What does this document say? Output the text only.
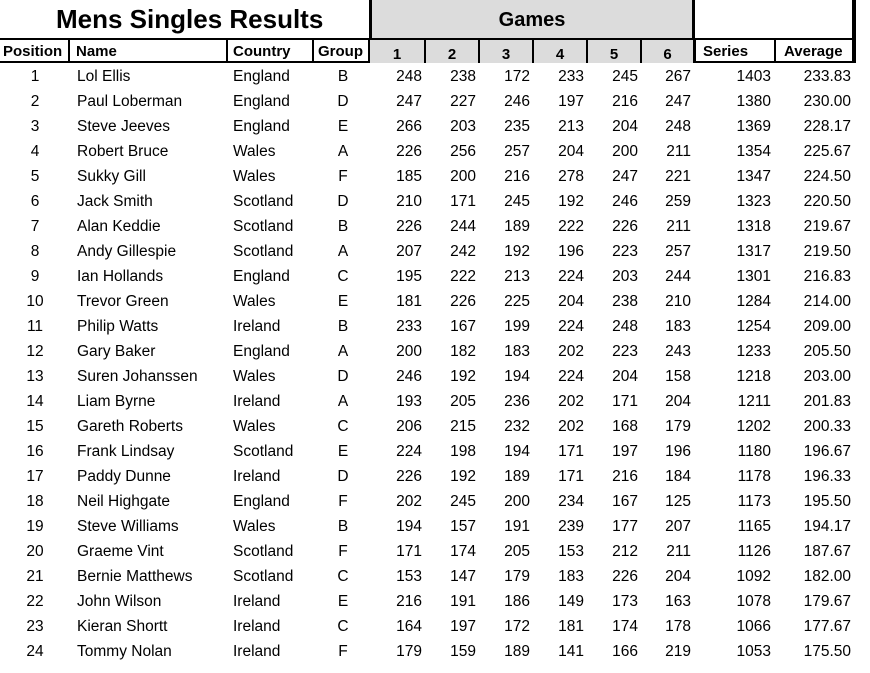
Mens Singles Results	Games
Position Name	Country	Group	1	2	3	4	5	6	Series	Average
1	Lol Ellis	England	B	248	238	172	233	245	267	1403	233.83
2	Paul Loberman	England	D	247	227	246	197	216	247	1380	230.00
3	Steve Jeeves	England	E	266	203	235	213	204	248	1369	228.17
4	Robert Bruce	Wales	A	226	256	257	204	200	211	1354	225.67
5	Sukky Gill	Wales	F	185	200	216	278	247	221	1347	224.50
6	Jack Smith	Scotland	D	210	171	245	192	246	259	1323	220.50
7	Alan Keddie	Scotland	B	226	244	189	222	226	211	1318	219.67
8	Andy Gillespie	Scotland	A	207	242	192	196	223	257	1317	219.50
9	Ian Hollands	England	C	195	222	213	224	203	244	1301	216.83
10	Trevor Green	Wales	E	181	226	225	204	238	210	1284	214.00
11	Philip Watts	Ireland	B	233	167	199	224	248	183	1254	209.00
12	Gary Baker	England	A	200	182	183	202	223	243	1233	205.50
13	Suren Johanssen	Wales	D	246	192	194	224	204	158	1218	203.00
14	Liam Byrne	Ireland	A	193	205	236	202	171	204	1211	201.83
15	Gareth Roberts	Wales	C	206	215	232	202	168	179	1202	200.33
16	Frank Lindsay	Scotland	E	224	198	194	171	197	196	1180	196.67
17	Paddy Dunne	Ireland	D	226	192	189	171	216	184	1178	196.33
18	Neil Highgate	England	F	202	245	200	234	167	125	1173	195.50
19	Steve Williams	Wales	B	194	157	191	239	177	207	1165	194.17
20	Graeme Vint	Scotland	F	171	174	205	153	212	211	1126	187.67
21	Bernie Matthews	Scotland	C	153	147	179	183	226	204	1092	182.00
22	John Wilson	Ireland	E	216	191	186	149	173	163	1078	179.67
23	Kieran Shortt	Ireland	C	164	197	172	181	174	178	1066	177.67
24	Tommy Nolan	Ireland	F	179	159	189	141	166	219	1053	175.50
